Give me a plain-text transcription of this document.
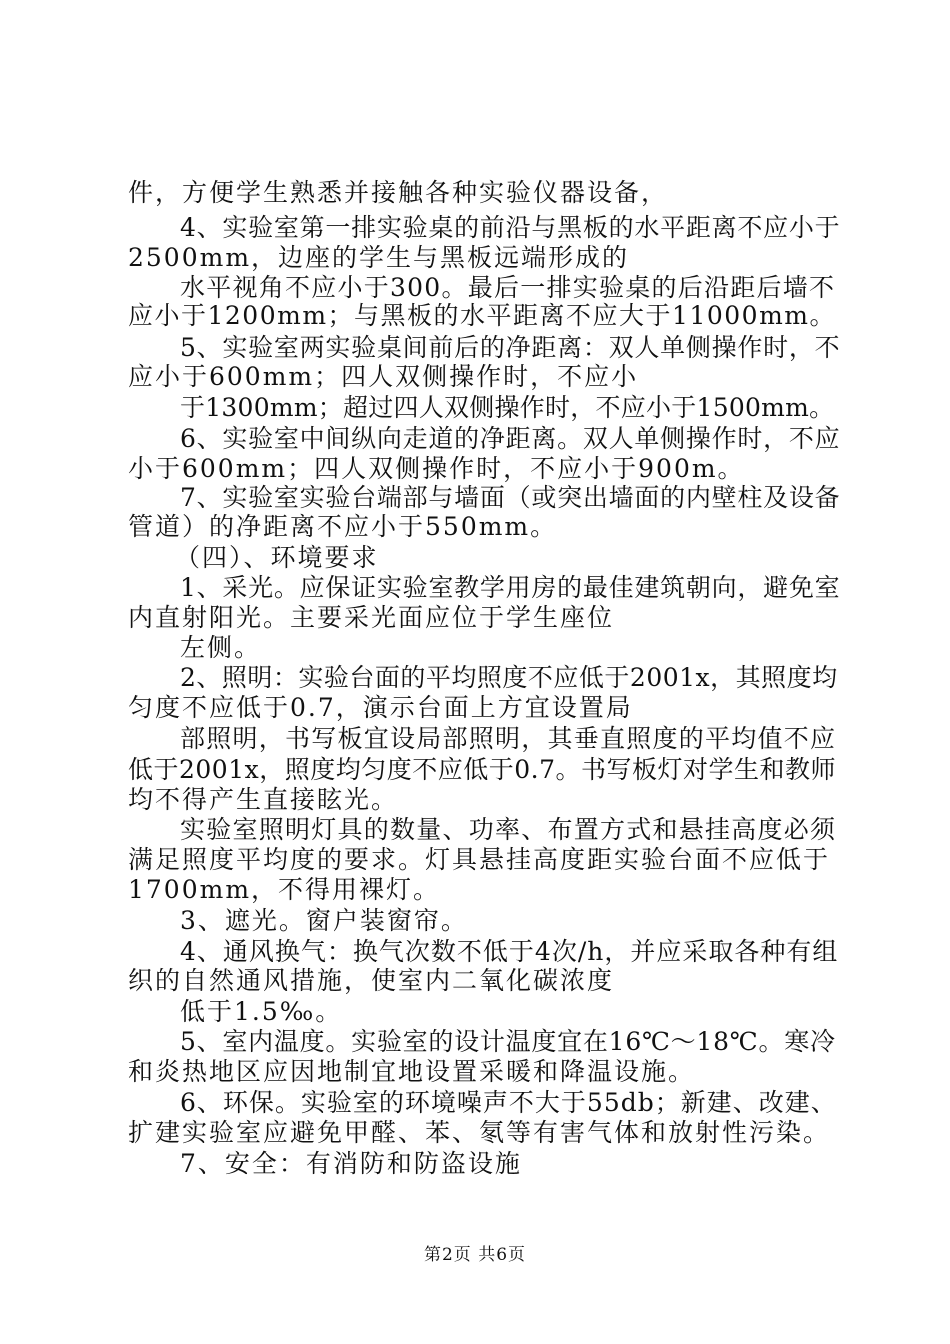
件，方便学生熟悉并接触各种实验仪器设备，
4、实验室第一排实验桌的前沿与黑板的水平距离不应小于
2500mm，边座的学生与黑板远端形成的
水平视角不应小于300。最后一排实验桌的后沿距后墙不
应小于1200mm；与黑板的水平距离不应大于11000mm。
5、实验室两实验桌间前后的净距离：双人单侧操作时，不
应小于600mm；四人双侧操作时，不应小
于1300mm；超过四人双侧操作时，不应小于1500mm。
6、实验室中间纵向走道的净距离。双人单侧操作时，不应
小于600mm；四人双侧操作时，不应小于900m。
7、实验室实验台端部与墙面（或突出墙面的内壁柱及设备
管道）的净距离不应小于550mm。
（四）、环境要求
1、采光。应保证实验室教学用房的最佳建筑朝向，避免室
内直射阳光。主要采光面应位于学生座位
左侧。
2、照明：实验台面的平均照度不应低于2001x，其照度均
匀度不应低于0.7，演示台面上方宜设置局
部照明，书写板宜设局部照明，其垂直照度的平均值不应
低于2001x，照度均匀度不应低于0.7。书写板灯对学生和教师
均不得产生直接眩光。
实验室照明灯具的数量、功率、布置方式和悬挂高度必须
满足照度平均度的要求。灯具悬挂高度距实验台面不应低于
1700mm，不得用裸灯。
3、遮光。窗户装窗帘。
4、通风换气：换气次数不低于4次/h，并应采取各种有组
织的自然通风措施，使室内二氧化碳浓度
低于1.5‰。
5、室内温度。实验室的设计温度宜在16℃～18℃。寒冷
和炎热地区应因地制宜地设置采暖和降温设施。
6、环保。实验室的环境噪声不大于55db；新建、改建、
扩建实验室应避免甲醛、苯、氡等有害气体和放射性污染。
7、安全：有消防和防盗设施
第2页 共6页
